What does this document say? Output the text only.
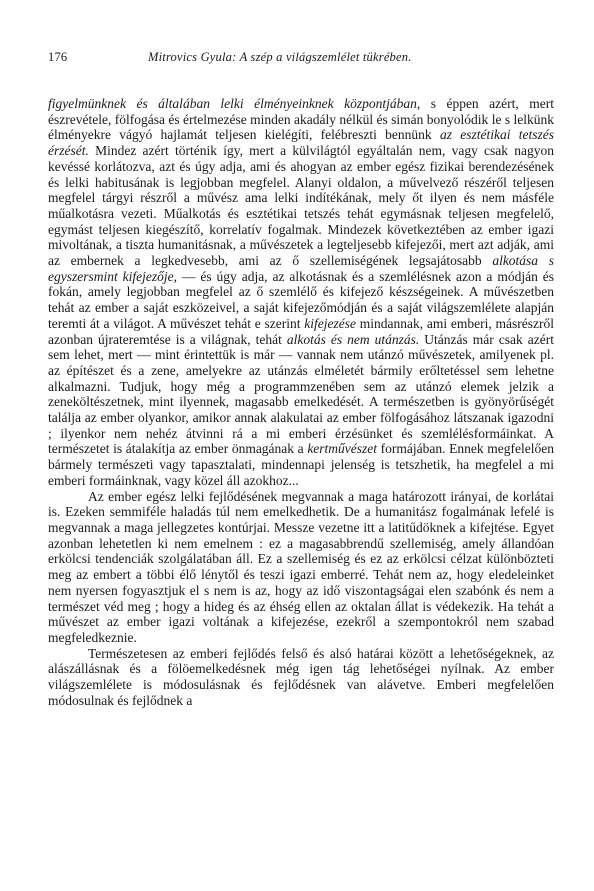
176	Mitrovics Gyula: A szép a világszemlélet tükrében.

figyelmünknek és általában lelki élményeinknek központjában, s éppen azért, mert észrevétele, fölfogása és értelmezése minden akadály nélkül és simán bonyolódik le s lelkünk élményekre vágyó hajlamát teljesen kielégíti, felébreszti bennünk az esztétikai tetszés érzését. Mindez azért történik így, mert a külvilágtól egyáltalán nem, vagy csak nagyon kevéssé korlátozva, azt és úgy adja, ami és ahogyan az ember egész fizikai berendezésének és lelki habitusának is legjobban megfelel. Alanyi oldalon, a művelvező részéről teljesen megfelel tárgyi részről a művész ama lelki indítékának, mely őt ilyen és nem másféle műalkotásra vezeti. Műalkotás és esztétikai tetszés tehát egymásnak teljesen megfelelő, egymást teljesen kiegészítő, korrelatív fogalmak. Mindezek következtében az ember igazi mivoltának, a tiszta humanitásnak, a művészetek a legteljesebb kifejezői, mert azt adják, ami az embernek a legkedvesebb, ami az ő szellemiségének legsajátosabb alkotása s egyszersmint kifejezője, — és úgy adja, az alkotásnak és a szemlélésnek azon a módján és fokán, amely legjobban megfelel az ő szemlélő és kifejező készségeinek. A művészetben tehát az ember a saját eszközeivel, a saját kifejezőmódján és a saját világszemlélete alapján teremti át a világot. A művészet tehát e szerint kifejezése mindannak, ami emberi, másrészről azonban újrateremtése is a világnak, tehát alkotás és nem utánzás. Utánzás már csak azért sem lehet, mert — mint érintettük is már — vannak nem utánzó művészetek, amilyenek pl. az építészet és a zene, amelyekre az utánzás elméletét bármily erőltetéssel sem lehetne alkalmazni. Tudjuk, hogy még a programmzenében sem az utánzó elemek jelzik a zeneköltészetnek, mint ilyennek, magasabb emelkedését. A természetben is gyönyörűségét találja az ember olyankor, amikor annak alakulatai az ember fölfogásához látszanak igazodni ; ilyenkor nem nehéz átvinni rá a mi emberi érzésünket és szemlélésformáinkat. A természetet is átalakítja az ember önmagának a kertművészet formájában. Ennek megfelelően bármely természeti vagy tapasztalati, mindennapi jelenség is tetszhetik, ha megfelel a mi emberi formáinknak, vagy közel áll azokhoz...

Az ember egész lelki fejlődésének megvannak a maga határozott irányai, de korlátai is. Ezeken semmiféle haladás túl nem emelkedhetik. De a humanitász fogalmának lefelé is megvannak a maga jellegzetes kontúrjai. Messze vezetne itt a latitűdöknek a kifejtése. Egyet azonban lehetetlen ki nem emelnem : ez a magasabbrendű szellemiség, amely állandóan erkölcsi tendenciák szolgálatában áll. Ez a szellemiség és ez az erkölcsi célzat különbözteti meg az embert a többi élő lénytől és teszi igazi emberré. Tehát nem az, hogy eledeleinket nem nyersen fogyasztjuk el s nem is az, hogy az idő viszontagságai elen szabónk és nem a természet véd meg ; hogy a hideg és az éhség ellen az oktalan állat is védekezik. Ha tehát a művészet az ember igazi voltának a kifejezése, ezekről a szempontokról nem szabad megfeledkeznie.

Természetesen az emberi fejlődés felső és alsó határai között a lehetőségeknek, az alászállásnak és a fölöemelkedésnek még igen tág lehetőségei nyílnak. Az ember világszemlélete is módosulásnak és fejlődésnek van alávetve. Emberi megfelelően módosulnak és fejlődnek a
